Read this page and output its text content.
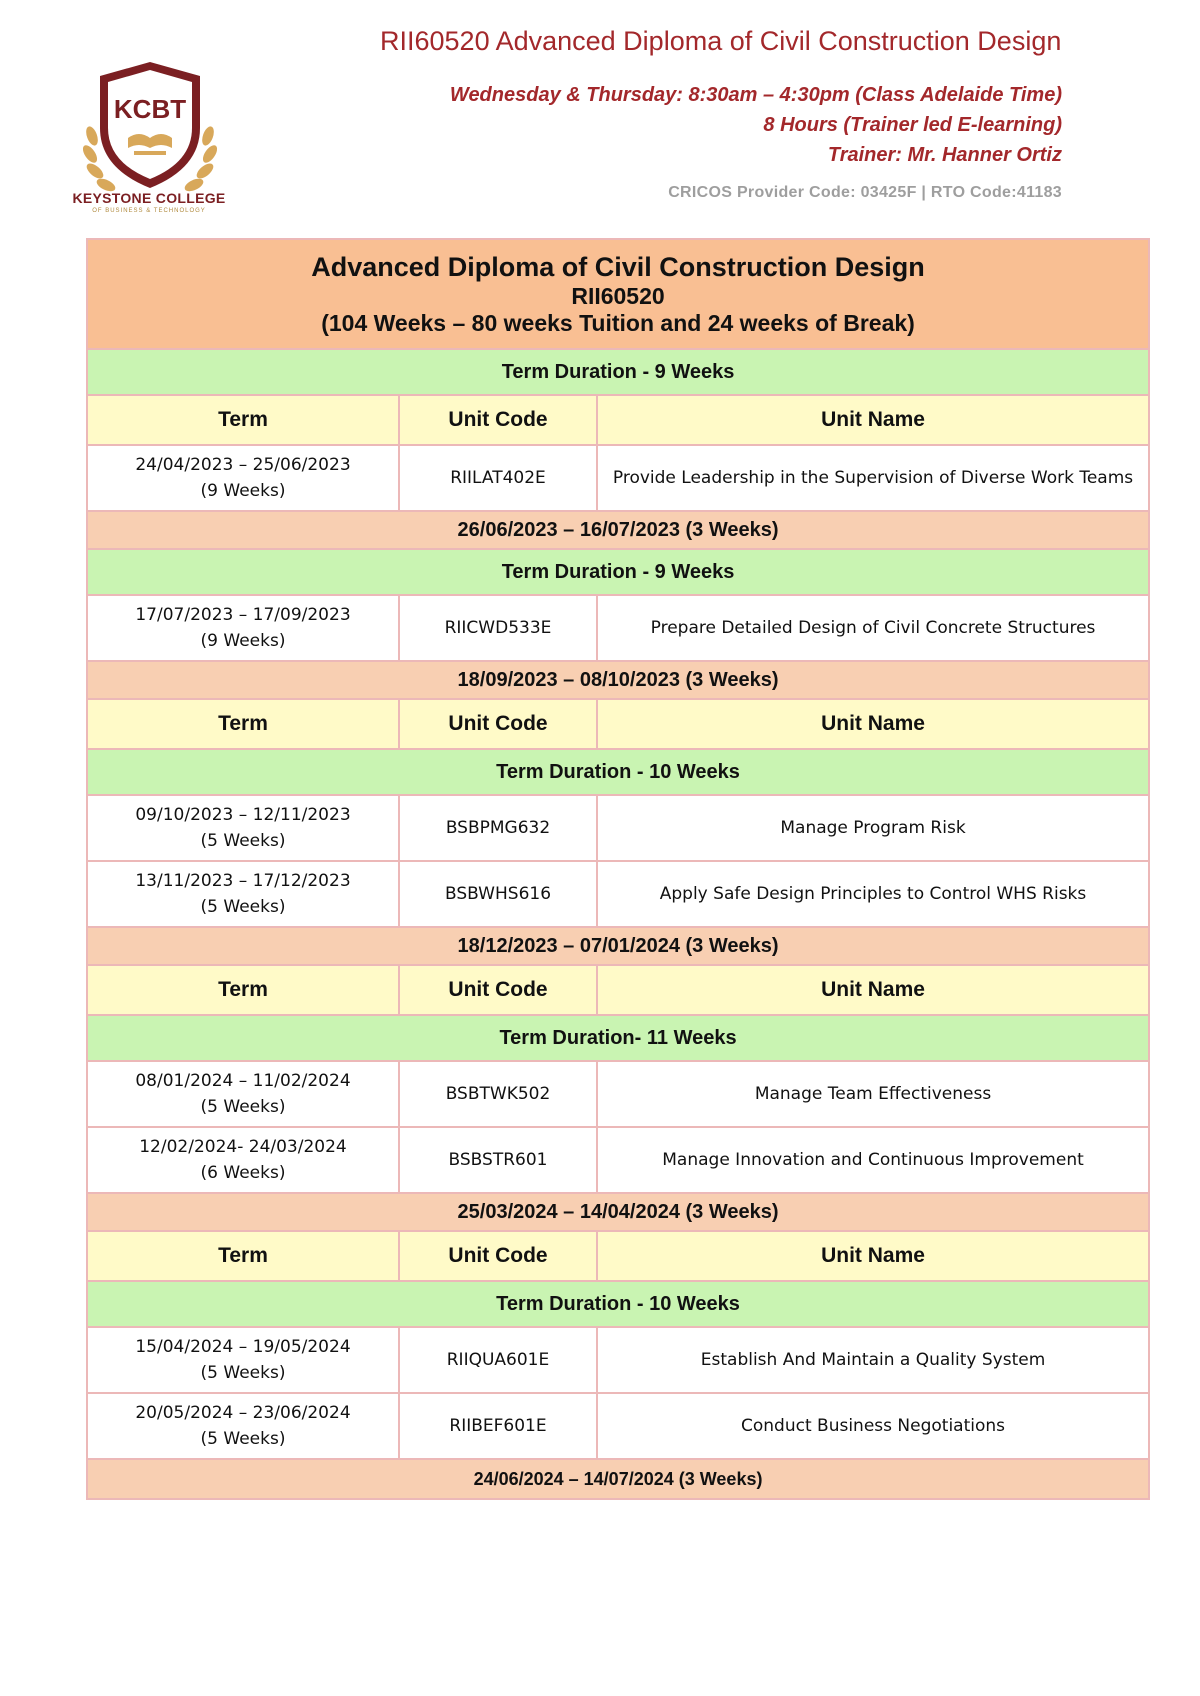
KCBT
KEYSTONE COLLEGE
OF BUSINESS & TECHNOLOGY
RII60520 Advanced Diploma of Civil Construction Design
Wednesday & Thursday: 8:30am – 4:30pm (Class Adelaide Time)
8 Hours (Trainer led E-learning)
Trainer: Mr. Hanner Ortiz
CRICOS Provider Code: 03425F | RTO Code:41183
Advanced Diploma of Civil Construction Design
RII60520
(104 Weeks – 80 weeks Tuition and 24 weeks of Break)		

Term Duration - 9 Weeks		
Term	Unit Code	Unit Name
24/04/2023 – 25/06/2023
(9 Weeks)	RIILAT402E	Provide Leadership in the Supervision of Diverse Work Teams
26/06/2023 – 16/07/2023 (3 Weeks)		
Term Duration - 9 Weeks		
17/07/2023 – 17/09/2023
(9 Weeks)	RIICWD533E	Prepare Detailed Design of Civil Concrete Structures
18/09/2023 – 08/10/2023 (3 Weeks)		
Term	Unit Code	Unit Name
Term Duration - 10 Weeks		
09/10/2023 – 12/11/2023
(5 Weeks)	BSBPMG632	Manage Program Risk
13/11/2023 – 17/12/2023
(5 Weeks)	BSBWHS616	Apply Safe Design Principles to Control WHS Risks
18/12/2023 – 07/01/2024 (3 Weeks)		
Term	Unit Code	Unit Name
Term Duration- 11 Weeks		
08/01/2024 – 11/02/2024
(5 Weeks)	BSBTWK502	Manage Team Effectiveness
12/02/2024- 24/03/2024
(6 Weeks)	BSBSTR601	Manage Innovation and Continuous Improvement
25/03/2024 – 14/04/2024 (3 Weeks)		
Term	Unit Code	Unit Name
Term Duration - 10 Weeks		
15/04/2024 – 19/05/2024
(5 Weeks)	RIIQUA601E	Establish And Maintain a Quality System
20/05/2024 – 23/06/2024
(5 Weeks)	RIIBEF601E	Conduct Business Negotiations
24/06/2024 – 14/07/2024 (3 Weeks)		
